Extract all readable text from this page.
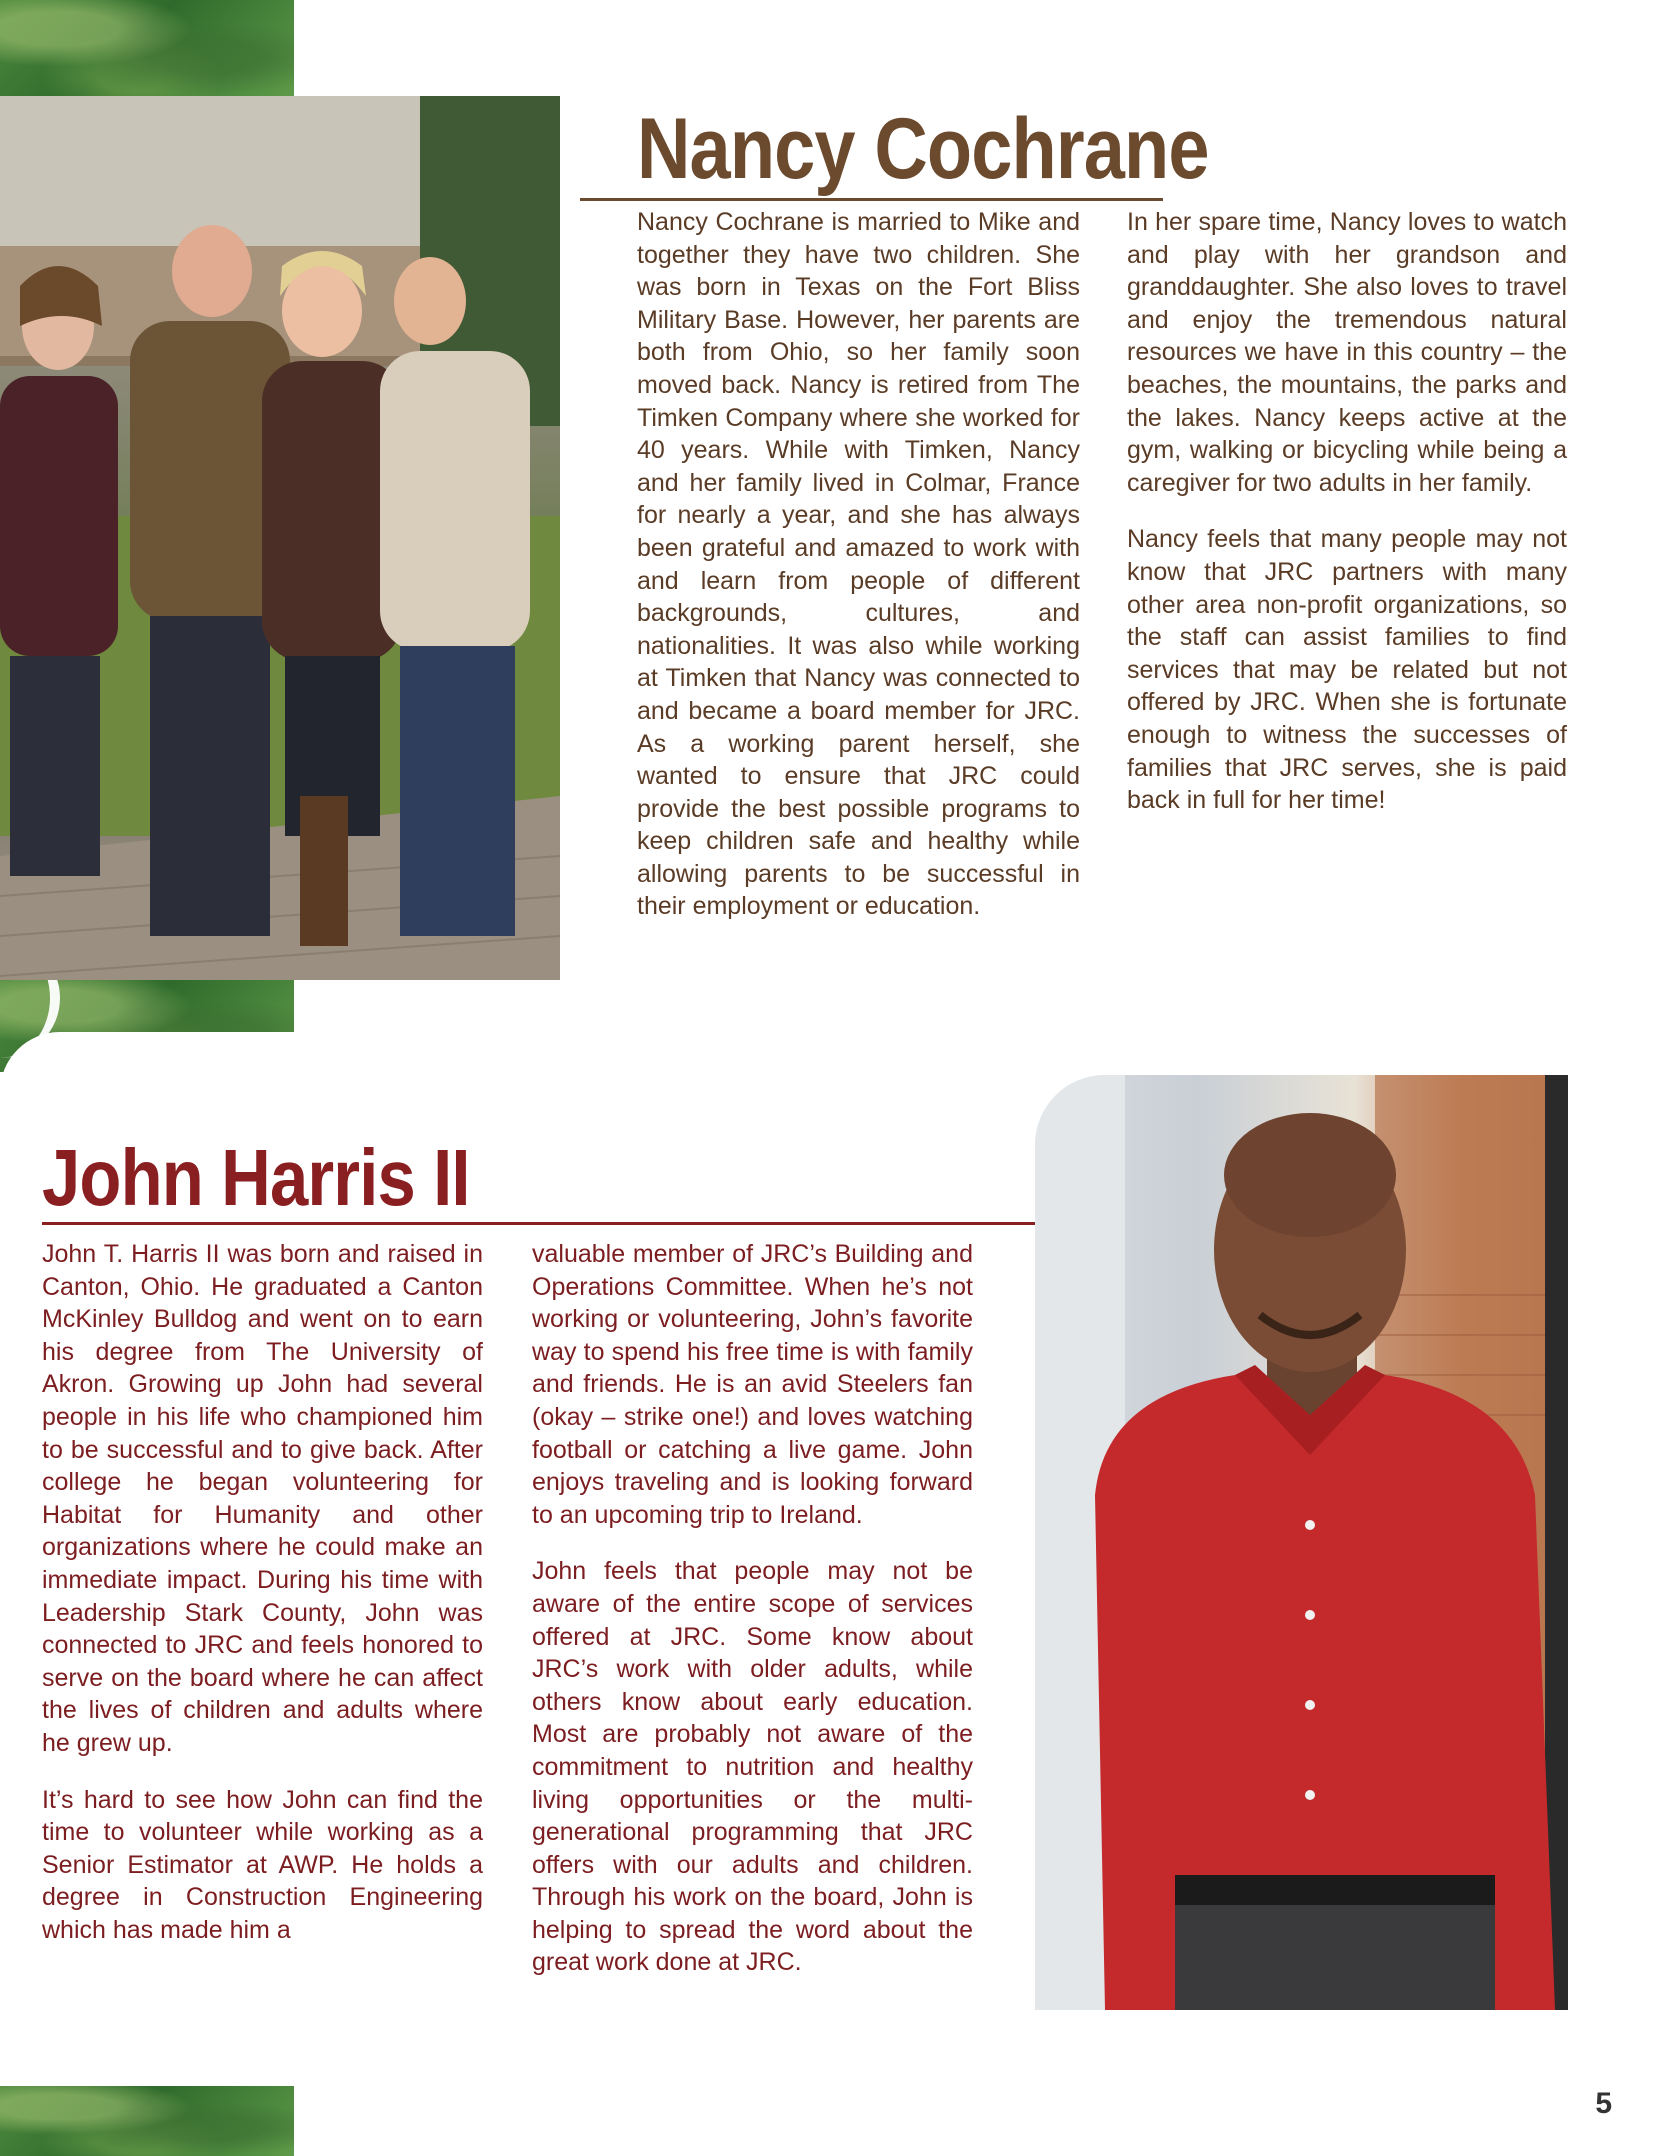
Nancy Cochrane

Nancy Cochrane is married to Mike and together they have two children. She was born in Texas on the Fort Bliss Military Base. However, her parents are both from Ohio, so her family soon moved back. Nancy is retired from The Timken Company where she worked for 40 years. While with Timken, Nancy and her family lived in Colmar, France for nearly a year, and she has always been grateful and amazed to work with and learn from people of different backgrounds, cultures, and nationalities. It was also while working at Timken that Nancy was connected to and became a board member for JRC. As a working parent herself, she wanted to ensure that JRC could provide the best possible programs to keep children safe and healthy while allowing parents to be successful in their employment or education.

In her spare time, Nancy loves to watch and play with her grandson and granddaughter. She also loves to travel and enjoy the tremendous natural resources we have in this country – the beaches, the mountains, the parks and the lakes. Nancy keeps active at the gym, walking or bicycling while being a caregiver for two adults in her family.

Nancy feels that many people may not know that JRC partners with many other area non-profit organizations, so the staff can assist families to find services that may be related but not offered by JRC. When she is fortunate enough to witness the successes of families that JRC serves, she is paid back in full for her time!

John Harris II

John T. Harris II was born and raised in Canton, Ohio. He graduated a Canton McKinley Bulldog and went on to earn his degree from The University of Akron. Growing up John had several people in his life who championed him to be successful and to give back. After college he began volunteering for Habitat for Humanity and other organizations where he could make an immediate impact. During his time with Leadership Stark County, John was connected to JRC and feels honored to serve on the board where he can affect the lives of children and adults where he grew up.

It’s hard to see how John can find the time to volunteer while working as a Senior Estimator at AWP. He holds a degree in Construction Engineering which has made him a

valuable member of JRC’s Building and Operations Committee. When he’s not working or volunteering, John’s favorite way to spend his free time is with family and friends. He is an avid Steelers fan (okay – strike one!) and loves watching football or catching a live game. John enjoys traveling and is looking forward to an upcoming trip to Ireland.

John feels that people may not be aware of the entire scope of services offered at JRC. Some know about JRC’s work with older adults, while others know about early education. Most are probably not aware of the commitment to nutrition and healthy living opportunities or the multi-generational programming that JRC offers with our adults and children. Through his work on the board, John is helping to spread the word about the great work done at JRC.

5
